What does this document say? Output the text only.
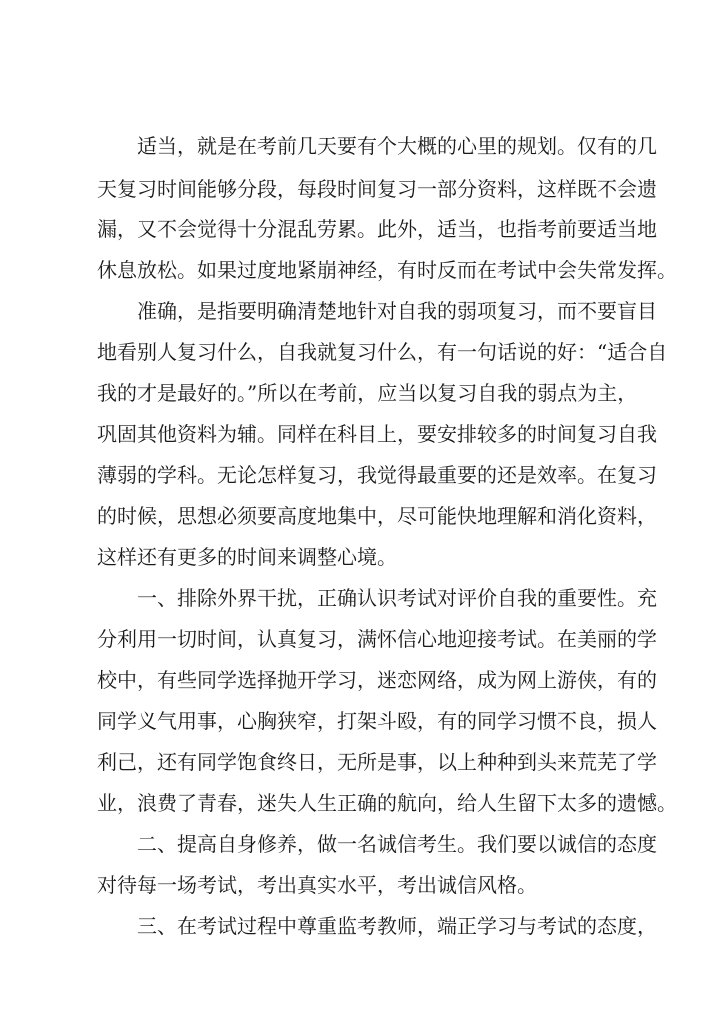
适当，就是在考前几天要有个大概的心里的规划。仅有的几
天复习时间能够分段，每段时间复习一部分资料，这样既不会遗
漏，又不会觉得十分混乱劳累。此外，适当，也指考前要适当地
休息放松。如果过度地紧崩神经，有时反而在考试中会失常发挥。
准确，是指要明确清楚地针对自我的弱项复习，而不要盲目
地看别人复习什么，自我就复习什么，有一句话说的好：“适合自
我的才是最好的。”所以在考前，应当以复习自我的弱点为主，
巩固其他资料为辅。同样在科目上，要安排较多的时间复习自我
薄弱的学科。无论怎样复习，我觉得最重要的还是效率。在复习
的时候，思想必须要高度地集中，尽可能快地理解和消化资料，
这样还有更多的时间来调整心境。
一、排除外界干扰，正确认识考试对评价自我的重要性。充
分利用一切时间，认真复习，满怀信心地迎接考试。在美丽的学
校中，有些同学选择抛开学习，迷恋网络，成为网上游侠，有的
同学义气用事，心胸狭窄，打架斗殴，有的同学习惯不良，损人
利己，还有同学饱食终日，无所是事，以上种种到头来荒芜了学
业，浪费了青春，迷失人生正确的航向，给人生留下太多的遗憾。
二、提高自身修养，做一名诚信考生。我们要以诚信的态度
对待每一场考试，考出真实水平，考出诚信风格。
三、在考试过程中尊重监考教师，端正学习与考试的态度，
